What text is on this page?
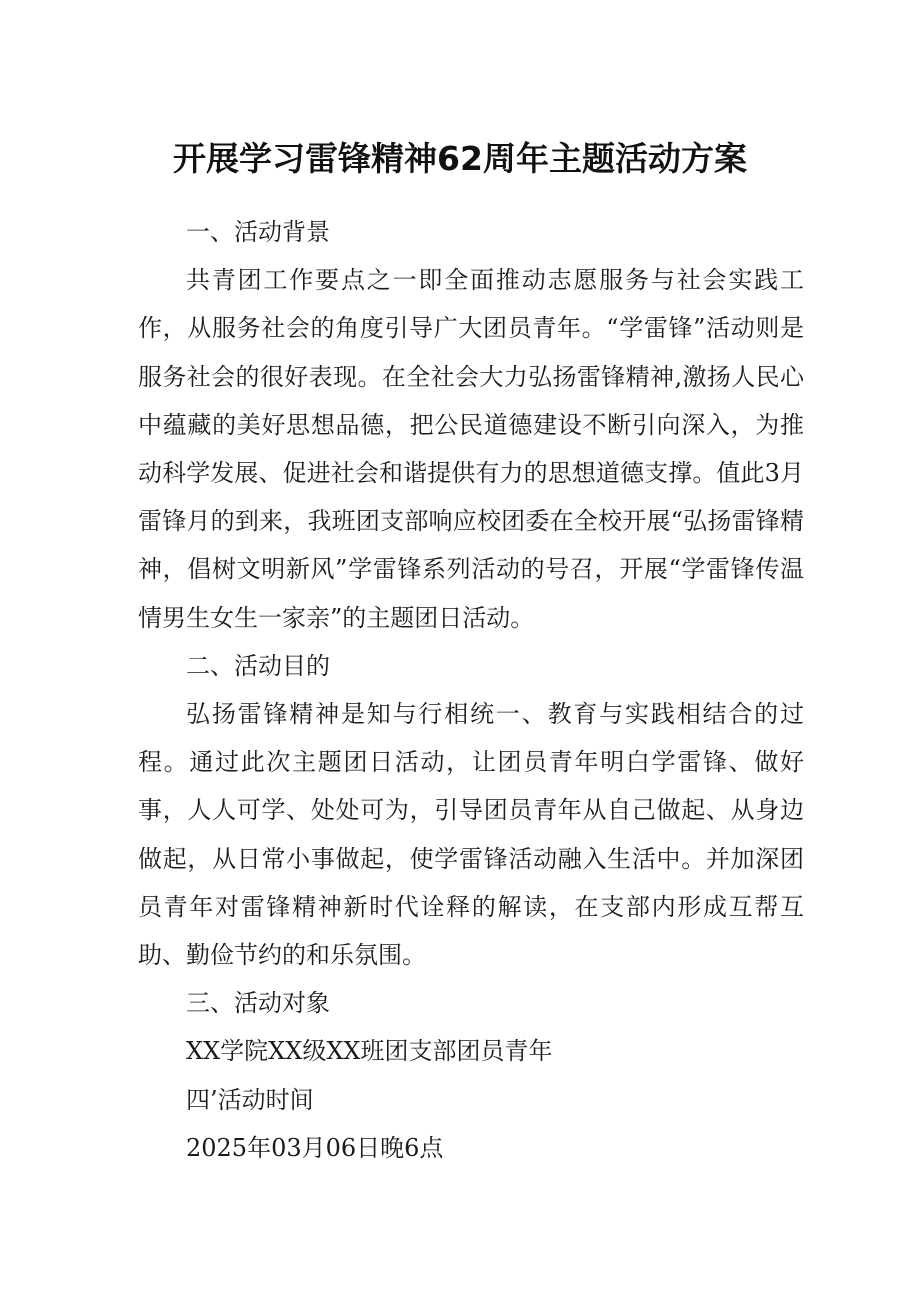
开展学习雷锋精神62周年主题活动方案
一、活动背景
共青团工作要点之一即全面推动志愿服务与社会实践工作，从服务社会的角度引导广大团员青年。“学雷锋”活动则是服务社会的很好表现。在全社会大力弘扬雷锋精神,激扬人民心中蕴藏的美好思想品德，把公民道德建设不断引向深入，为推动科学发展、促进社会和谐提供有力的思想道德支撑。值此3月雷锋月的到来，我班团支部响应校团委在全校开展“弘扬雷锋精神，倡树文明新风”学雷锋系列活动的号召，开展“学雷锋传温情男生女生一家亲”的主题团日活动。
二、活动目的
弘扬雷锋精神是知与行相统一、教育与实践相结合的过程。通过此次主题团日活动，让团员青年明白学雷锋、做好事，人人可学、处处可为，引导团员青年从自己做起、从身边做起，从日常小事做起，使学雷锋活动融入生活中。并加深团员青年对雷锋精神新时代诠释的解读，在支部内形成互帮互助、勤俭节约的和乐氛围。
三、活动对象
XX学院XX级XX班团支部团员青年
四’活动时间
2025年03月06日晚6点
